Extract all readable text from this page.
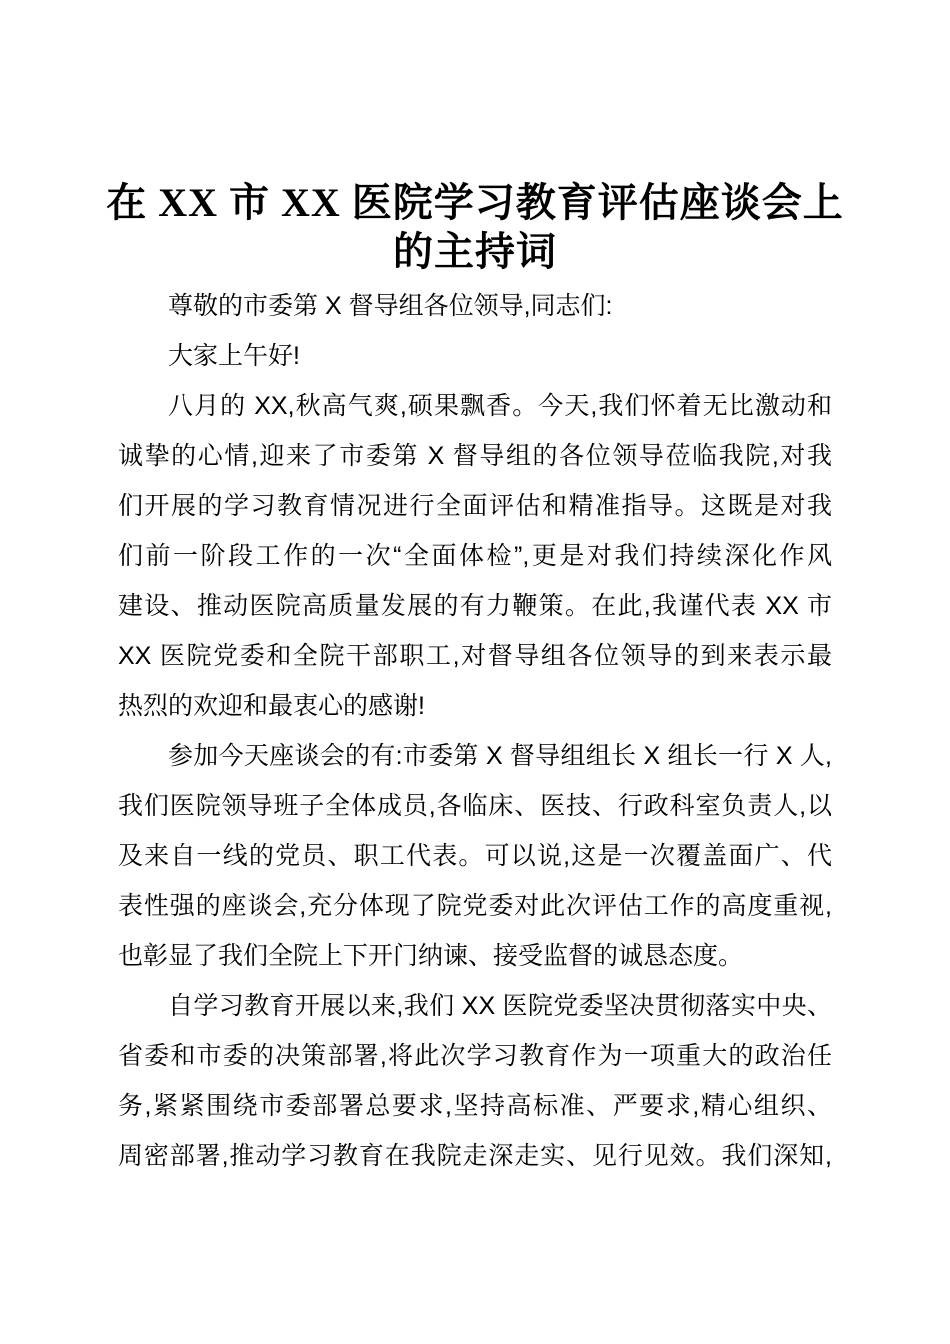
在 XX 市 XX 医院学习教育评估座谈会上
的主持词
尊敬的市委第 X 督导组各位领导,同志们:
大家上午好!
八月的 XX,秋高气爽,硕果飘香。今天,我们怀着无比激动和
诚挚的心情,迎来了市委第 X 督导组的各位领导莅临我院,对我
们开展的学习教育情况进行全面评估和精准指导。这既是对我
们前一阶段工作的一次“全面体检”,更是对我们持续深化作风
建设、推动医院高质量发展的有力鞭策。在此,我谨代表 XX 市
XX 医院党委和全院干部职工,对督导组各位领导的到来表示最
热烈的欢迎和最衷心的感谢!
参加今天座谈会的有:市委第 X 督导组组长 X 组长一行 X 人,
我们医院领导班子全体成员,各临床、医技、行政科室负责人,以
及来自一线的党员、职工代表。可以说,这是一次覆盖面广、代
表性强的座谈会,充分体现了院党委对此次评估工作的高度重视,
也彰显了我们全院上下开门纳谏、接受监督的诚恳态度。
自学习教育开展以来,我们 XX 医院党委坚决贯彻落实中央、
省委和市委的决策部署,将此次学习教育作为一项重大的政治任
务,紧紧围绕市委部署总要求,坚持高标准、严要求,精心组织、
周密部署,推动学习教育在我院走深走实、见行见效。我们深知,
